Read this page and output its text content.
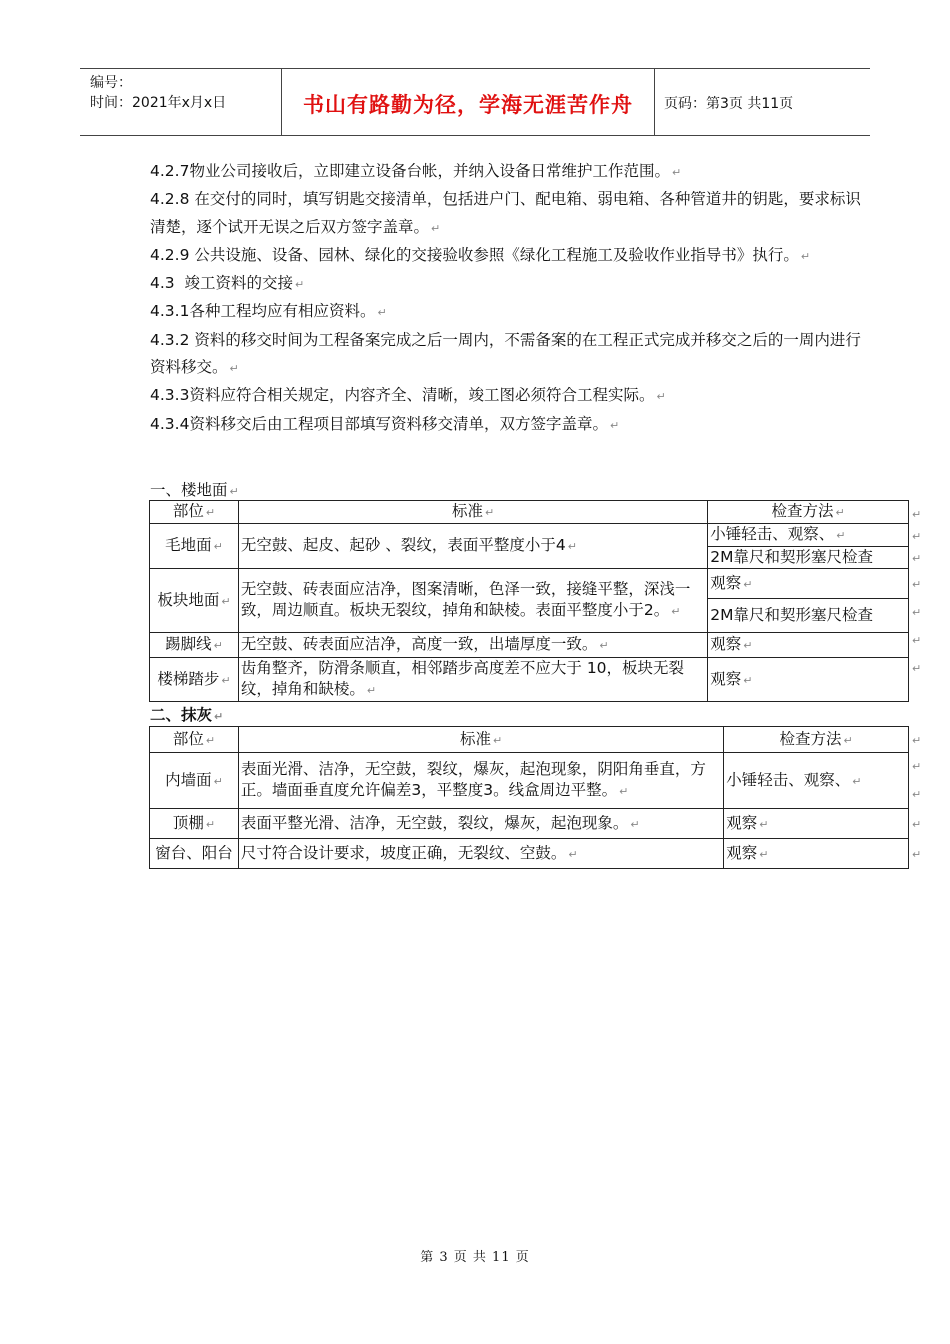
编号：
时间：2021年x月x日	书山有路勤为径，学海无涯苦作舟	页码：第3页 共11页

4.2.7物业公司接收后，立即建立设备台帐，并纳入设备日常维护工作范围。 ↵

4.2.8 在交付的同时，填写钥匙交接清单，包括进户门、配电箱、弱电箱、各种管道井的钥匙，要求标识清楚，逐个试开无误之后双方签字盖章。 ↵

4.2.9 公共设施、设备、园林、绿化的交接验收参照《绿化工程施工及验收作业指导书》执行。 ↵

4.3  竣工资料的交接 ↵

4.3.1各种工程均应有相应资料。 ↵

4.3.2 资料的移交时间为工程备案完成之后一周内，不需备案的在工程正式完成并移交之后的一周内进行资料移交。 ↵

4.3.3资料应符合相关规定，内容齐全、清晰，竣工图必须符合工程实际。 ↵

4.3.4资料移交后由工程项目部填写资料移交清单，双方签字盖章。 ↵

一、楼地面 ↵
部位 ↵	标准 ↵	检查方法 ↵
毛地面 ↵	无空鼓、起皮、起砂 、裂纹，表面平整度小于4 ↵	小锤轻击、观察、 ↵
		2M靠尺和契形塞尺检查
板块地面 ↵	无空鼓、砖表面应洁净，图案清晰，色泽一致，接缝平整，深浅一致，周边顺直。板块无裂纹，掉角和缺棱。表面平整度小于2。 ↵	观察 ↵
		2M靠尺和契形塞尺检查
踢脚线 ↵	无空鼓、砖表面应洁净，高度一致，出墙厚度一致。 ↵	观察 ↵
楼梯踏步 ↵	齿角整齐，防滑条顺直，相邻踏步高度差不应大于 10，板块无裂纹，掉角和缺棱。 ↵	观察 ↵
↵
↵
↵
↵
↵
↵
↵
二、抹灰 ↵
部位 ↵	标准 ↵	检查方法 ↵
内墙面 ↵	表面光滑、洁净，无空鼓，裂纹，爆灰，起泡现象，阴阳角垂直，方正。墙面垂直度允许偏差3，平整度3。线盒周边平整。 ↵	小锤轻击、观察、 ↵
顶棚 ↵	表面平整光滑、洁净，无空鼓，裂纹，爆灰，起泡现象。 ↵	观察 ↵
窗台、阳台	尺寸符合设计要求，坡度正确，无裂纹、空鼓。 ↵	观察 ↵
↵
↵
↵
↵
↵
第 3 页 共 11 页
